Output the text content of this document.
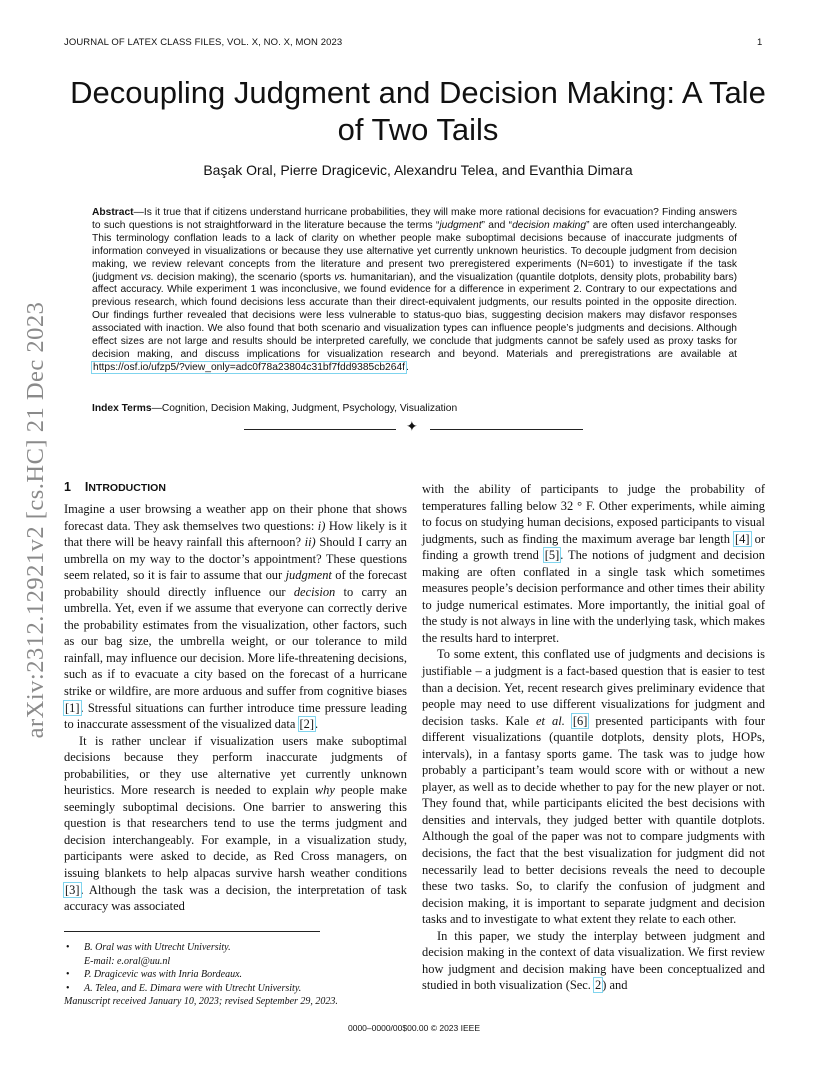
JOURNAL OF LATEX CLASS FILES, VOL. X, NO. X, MON 2023	1
arXiv:2312.12921v2 [cs.HC] 21 Dec 2023
Decoupling Judgment and Decision Making: A Tale of Two Tails
Başak Oral, Pierre Dragicevic, Alexandru Telea, and Evanthia Dimara

Abstract—Is it true that if citizens understand hurricane probabilities, they will make more rational decisions for evacuation? Finding answers to such questions is not straightforward in the literature because the terms “judgment” and “decision making” are often used interchangeably. This terminology conflation leads to a lack of clarity on whether people make suboptimal decisions because of inaccurate judgments of information conveyed in visualizations or because they use alternative yet currently unknown heuristics. To decouple judgment from decision making, we review relevant concepts from the literature and present two preregistered experiments (N=601) to investigate if the task (judgment vs. decision making), the scenario (sports vs. humanitarian), and the visualization (quantile dotplots, density plots, probability bars) affect accuracy. While experiment 1 was inconclusive, we found evidence for a difference in experiment 2. Contrary to our expectations and previous research, which found decisions less accurate than their direct-equivalent judgments, our results pointed in the opposite direction. Our findings further revealed that decisions were less vulnerable to status-quo bias, suggesting decision makers may disfavor responses associated with inaction. We also found that both scenario and visualization types can influence people’s judgments and decisions. Although effect sizes are not large and results should be interpreted carefully, we conclude that judgments cannot be safely used as proxy tasks for decision making, and discuss implications for visualization research and beyond. Materials and preregistrations are available at https://osf.io/ufzp5/?view_only=adc0f78a23804c31bf7fdd9385cb264f.

Index Terms—Cognition, Decision Making, Judgment, Psychology, Visualization
✦
1 INTRODUCTION

Imagine a user browsing a weather app on their phone that shows forecast data. They ask themselves two questions: i) How likely is it that there will be heavy rainfall this afternoon? ii) Should I carry an umbrella on my way to the doctor’s appointment? These questions seem related, so it is fair to assume that our judgment of the forecast probability should directly influence our decision to carry an umbrella. Yet, even if we assume that everyone can correctly derive the probability estimates from the visualization, other factors, such as our bag size, the umbrella weight, or our tolerance to mild rainfall, may influence our decision. More life-threatening decisions, such as if to evacuate a city based on the forecast of a hurricane strike or wildfire, are more arduous and suffer from cognitive biases [1]. Stressful situations can further introduce time pressure leading to inaccurate assessment of the visualized data [2].

It is rather unclear if visualization users make suboptimal decisions because they perform inaccurate judgments of probabilities, or they use alternative yet currently unknown heuristics. More research is needed to explain why people make seemingly suboptimal decisions. One barrier to answering this question is that researchers tend to use the terms judgment and decision interchangeably. For example, in a visualization study, participants were asked to decide, as Red Cross managers, on issuing blankets to help alpacas survive harsh weather conditions [3]. Although the task was a decision, the interpretation of task accuracy was associated

with the ability of participants to judge the probability of temperatures falling below 32 ° F. Other experiments, while aiming to focus on studying human decisions, exposed participants to visual judgments, such as finding the maximum average bar length [4] or finding a growth trend [5]. The notions of judgment and decision making are often conflated in a single task which sometimes measures people’s decision performance and other times their ability to judge numerical estimates. More importantly, the initial goal of the study is not always in line with the underlying task, which makes the results hard to interpret.

To some extent, this conflated use of judgments and decisions is justifiable – a judgment is a fact-based question that is easier to test than a decision. Yet, recent research gives preliminary evidence that people may need to use different visualizations for judgment and decision tasks. Kale et al. [6] presented participants with four different visualizations (quantile dotplots, density plots, HOPs, intervals), in a fantasy sports game. The task was to judge how probably a participant’s team would score with or without a new player, as well as to decide whether to pay for the new player or not. They found that, while participants elicited the best decisions with densities and intervals, they judged better with quantile dotplots. Although the goal of the paper was not to compare judgments with decisions, the fact that the best visualization for judgment did not necessarily lead to better decisions reveals the need to decouple these two tasks. So, to clarify the confusion of judgment and decision making, it is important to separate judgment and decision tasks and to investigate to what extent they relate to each other.

In this paper, we study the interplay between judgment and decision making in the context of data visualization. We first review how judgment and decision making have been conceptualized and studied in both visualization (Sec. 2) and

• B. Oral was with Utrecht University.
E-mail: e.oral@uu.nl
• P. Dragicevic was with Inria Bordeaux.
• A. Telea, and E. Dimara were with Utrecht University.
Manuscript received January 10, 2023; revised September 29, 2023.
0000–0000/00$00.00 © 2023 IEEE
